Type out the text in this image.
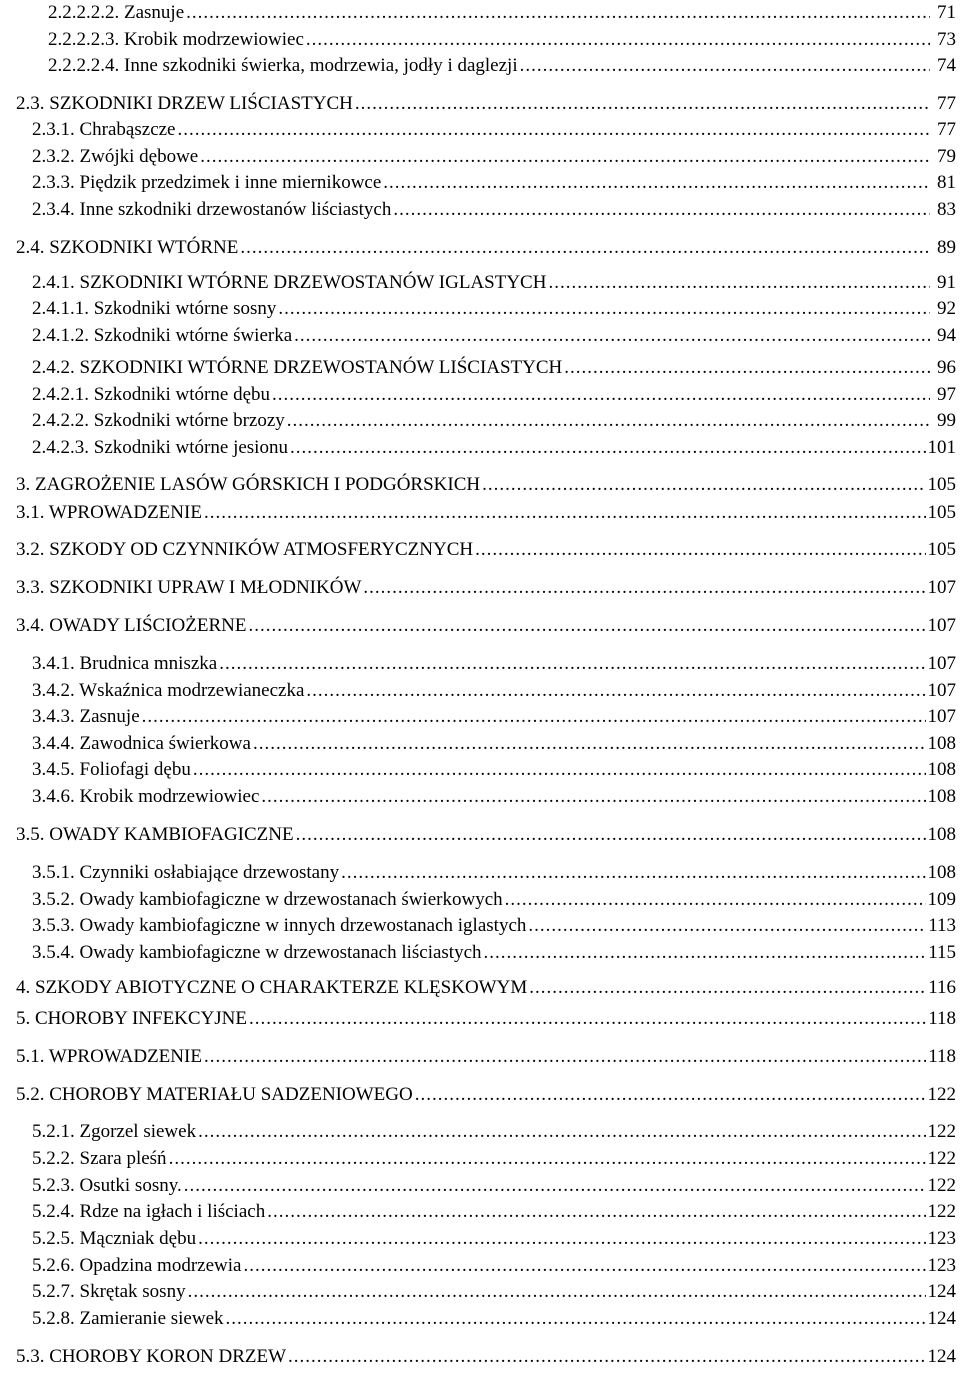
2.2.2.2.2. Zasnuje .....	71
2.2.2.2.3. Krobik modrzewiowiec .....	73
2.2.2.2.4. Inne szkodniki świerka, modrzewia, jodły i daglezji .....	74
2.3. SZKODNIKI DRZEW LIŚCIASTYCH .....	77
2.3.1. Chrabąszcze .....	77
2.3.2. Zwójki dębowe .....	79
2.3.3. Piędzik przedzimek i inne miernikowce .....	81
2.3.4. Inne szkodniki drzewostanów liściastych .....	83
2.4. SZKODNIKI WTÓRNE .....	89
2.4.1. SZKODNIKI WTÓRNE DRZEWOSTANÓW IGLASTYCH .....	91
2.4.1.1. Szkodniki wtórne sosny .....	92
2.4.1.2. Szkodniki wtórne świerka .....	94
2.4.2. SZKODNIKI WTÓRNE DRZEWOSTANÓW LIŚCIASTYCH .....	96
2.4.2.1. Szkodniki wtórne dębu .....	97
2.4.2.2. Szkodniki wtórne brzozy .....	99
2.4.2.3. Szkodniki wtórne jesionu .....	101
3. ZAGROŻENIE LASÓW GÓRSKICH I PODGÓRSKICH .....	105
3.1. WPROWADZENIE .....	105
3.2. SZKODY OD CZYNNIKÓW ATMOSFERYCZNYCH .....	105
3.3. SZKODNIKI UPRAW I MŁODNIKÓW .....	107
3.4. OWADY LIŚCIOŻERNE .....	107
3.4.1. Brudnica mniszka .....	107
3.4.2. Wskaźnica modrzewianeczka .....	107
3.4.3. Zasnuje .....	107
3.4.4. Zawodnica świerkowa .....	108
3.4.5. Foliofagi dębu .....	108
3.4.6. Krobik modrzewiowiec .....	108
3.5. OWADY KAMBIOFAGICZNE .....	108
3.5.1. Czynniki osłabiające drzewostany .....	108
3.5.2. Owady kambiofagiczne w drzewostanach świerkowych .....	109
3.5.3. Owady kambiofagiczne w innych drzewostanach iglastych .....	113
3.5.4. Owady kambiofagiczne w drzewostanach liściastych .....	115
4. SZKODY ABIOTYCZNE O CHARAKTERZE KLĘSKOWYM .....	116
5. CHOROBY INFEKCYJNE .....	118
5.1. WPROWADZENIE .....	118
5.2. CHOROBY MATERIAŁU SADZENIOWEGO .....	122
5.2.1. Zgorzel siewek .....	122
5.2.2. Szara pleśń .....	122
5.2.3. Osutki sosny. .....	122
5.2.4. Rdze na igłach i liściach .....	122
5.2.5. Mączniak dębu .....	123
5.2.6. Opadzina modrzewia .....	123
5.2.7. Skrętak sosny .....	124
5.2.8. Zamieranie siewek .....	124
5.3. CHOROBY KORON DRZEW .....	124
